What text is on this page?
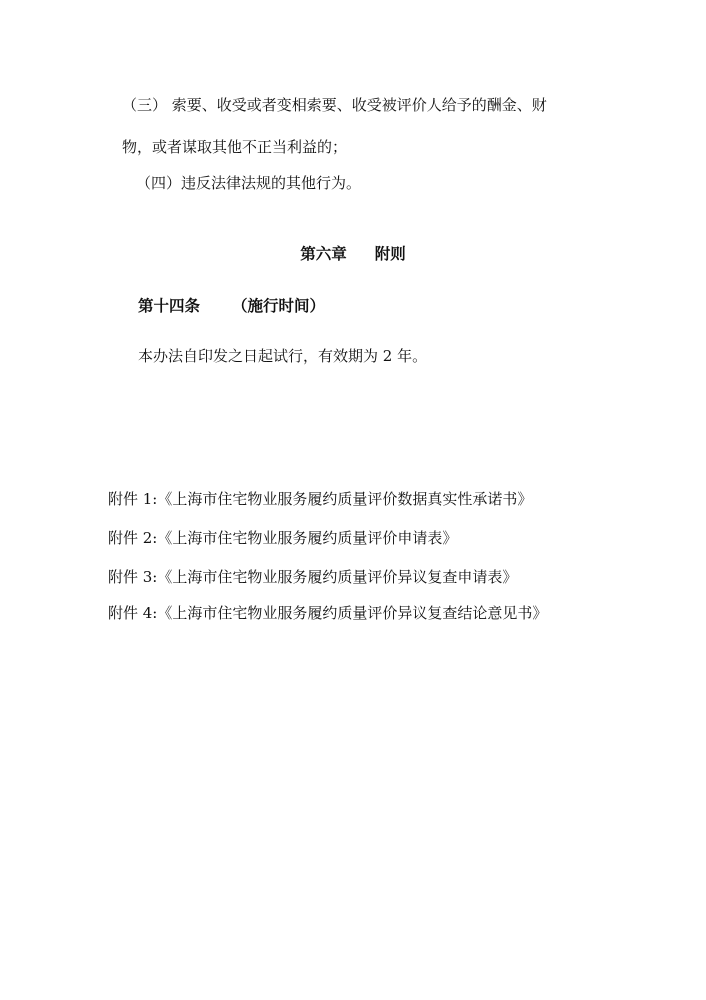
（三） 索要、收受或者变相索要、收受被评价人给予的酬金、财
物，或者谋取其他不正当利益的；
（四）违反法律法规的其他行为。
第六章 附则
第十四条 （施行时间）
本办法自印发之日起试行，有效期为 2 年。
附件 1:《上海市住宅物业服务履约质量评价数据真实性承诺书》
附件 2:《上海市住宅物业服务履约质量评价申请表》
附件 3:《上海市住宅物业服务履约质量评价异议复查申请表》
附件 4:《上海市住宅物业服务履约质量评价异议复查结论意见书》
